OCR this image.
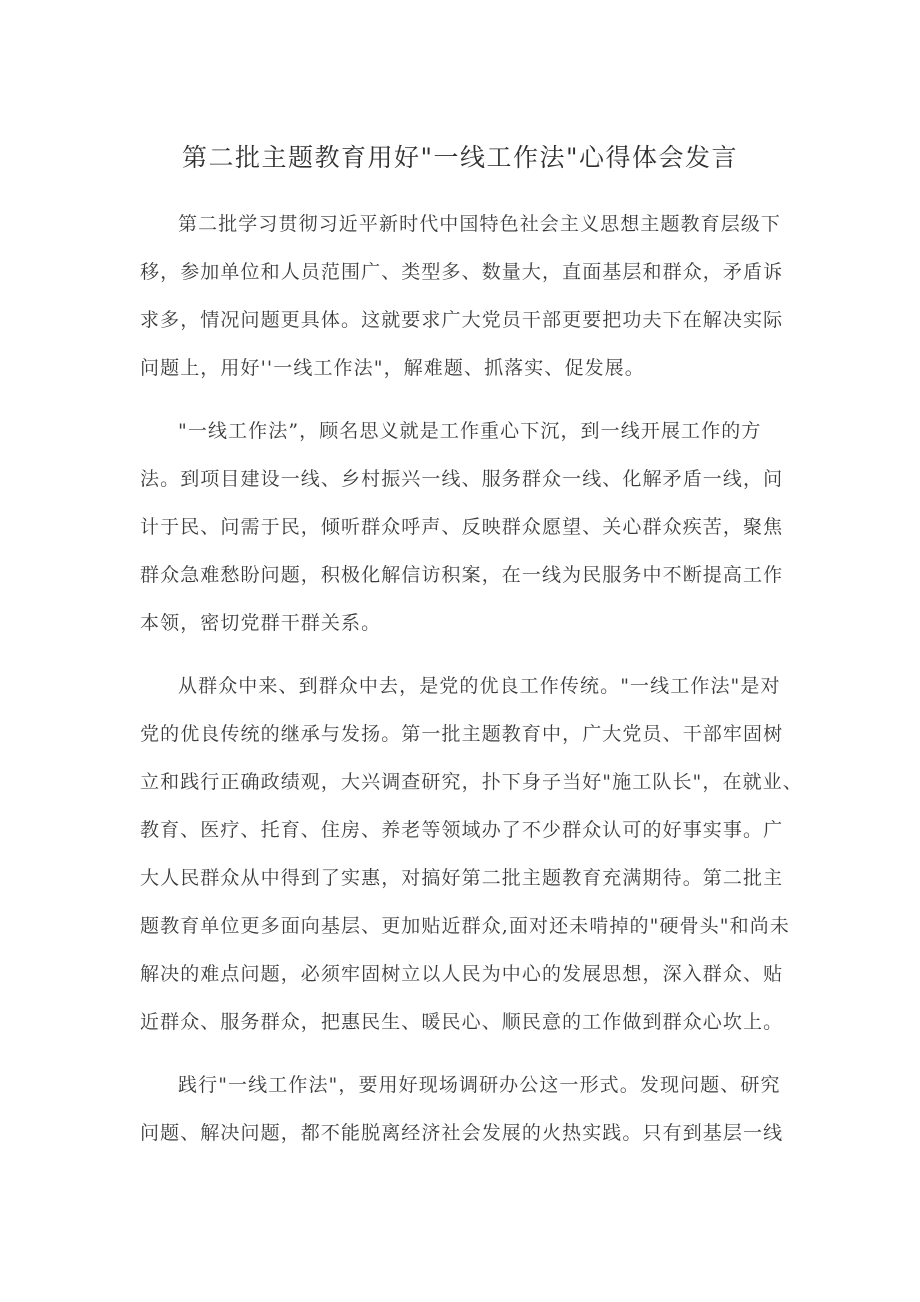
第二批主题教育用好"一线工作法"心得体会发言
第二批学习贯彻习近平新时代中国特色社会主义思想主题教育层级下
移，参加单位和人员范围广、类型多、数量大，直面基层和群众，矛盾诉
求多，情况问题更具体。这就要求广大党员干部更要把功夫下在解决实际
问题上，用好''一线工作法"，解难题、抓落实、促发展。
"一线工作法”，顾名思义就是工作重心下沉，到一线开展工作的方
法。到项目建设一线、乡村振兴一线、服务群众一线、化解矛盾一线，问
计于民、问需于民，倾听群众呼声、反映群众愿望、关心群众疾苦，聚焦
群众急难愁盼问题，积极化解信访积案，在一线为民服务中不断提高工作
本领，密切党群干群关系。
从群众中来、到群众中去，是党的优良工作传统。"一线工作法"是对
党的优良传统的继承与发扬。第一批主题教育中，广大党员、干部牢固树
立和践行正确政绩观，大兴调查研究，扑下身子当好"施工队长"，在就业、
教育、医疗、托育、住房、养老等领域办了不少群众认可的好事实事。广
大人民群众从中得到了实惠，对搞好第二批主题教育充满期待。第二批主
题教育单位更多面向基层、更加贴近群众,面对还未啃掉的"硬骨头"和尚未
解决的难点问题，必须牢固树立以人民为中心的发展思想，深入群众、贴
近群众、服务群众，把惠民生、暖民心、顺民意的工作做到群众心坎上。
践行"一线工作法"，要用好现场调研办公这一形式。发现问题、研究
问题、解决问题，都不能脱离经济社会发展的火热实践。只有到基层一线
